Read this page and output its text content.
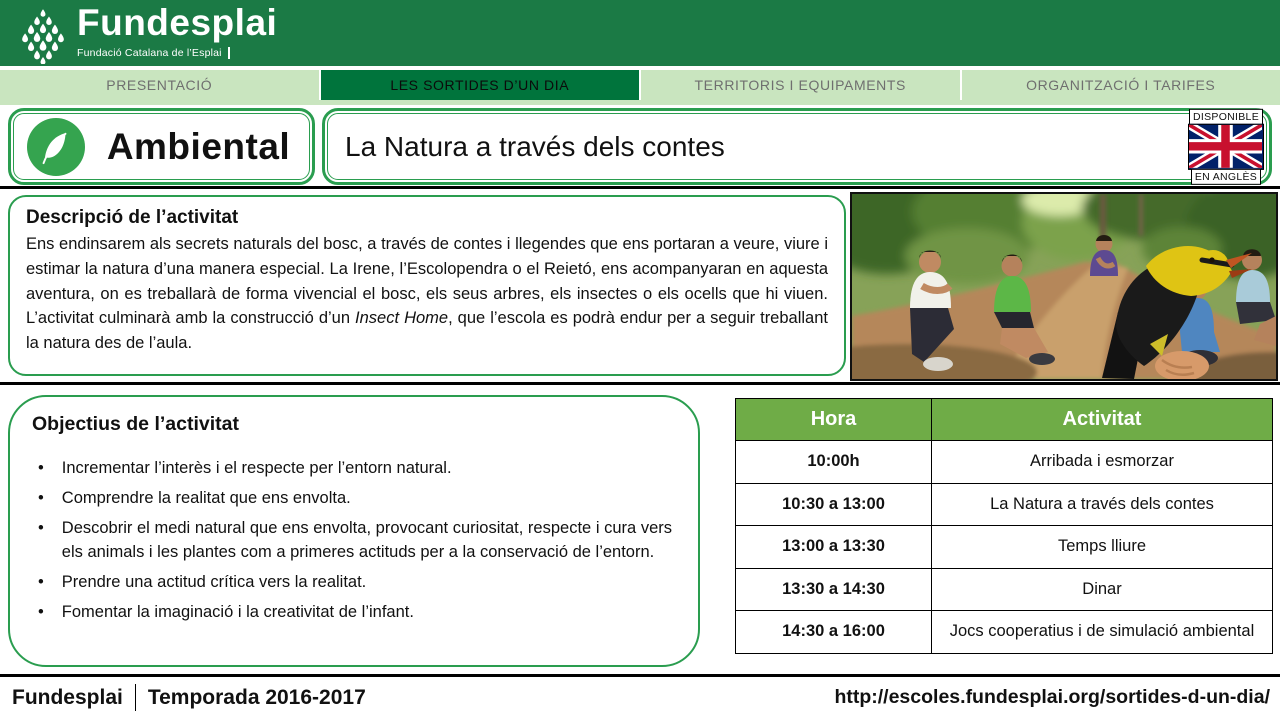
Fundesplai
Fundació Catalana de l’Esplai
PRESENTACIÓ	LES SORTIDES D’UN DIA	TERRITORIS I EQUIPAMENTS	ORGANITZACIÓ I TARIFES
Ambiental	La Natura a través dels contes
DISPONIBLE
EN ANGLÈS
Descripció de l’activitat
Ens endinsarem als secrets naturals del bosc, a través de contes i llegendes que ens portaran a veure, viure i estimar la natura d’una manera especial. La Irene, l’Escolopendra o el Reietó, ens acompanyaran en aquesta aventura, on es treballarà de forma vivencial el bosc, els seus arbres, els insectes o els ocells que hi viuen. L’activitat culminarà amb la construcció d’un Insect Home, que l’escola es podrà endur per a seguir treballant la natura des de l’aula.
Objectius de l’activitat
• Incrementar l’interès i el respecte per l’entorn natural.
• Comprendre la realitat que ens envolta.
• Descobrir el medi natural que ens envolta, provocant curiositat, respecte i cura vers els animals i les plantes com a primeres actituds per a la conservació de l’entorn.
• Prendre una actitud crítica vers la realitat.
• Fomentar la imaginació i la creativitat de l’infant.
Hora	Activitat
10:00h	Arribada i esmorzar
10:30 a 13:00	La Natura a través dels contes
13:00 a 13:30	Temps lliure
13:30 a 14:30	Dinar
14:30 a 16:00	Jocs cooperatius i de simulació ambiental
Fundesplai Temporada 2016-2017	http://escoles.fundesplai.org/sortides-d-un-dia/
